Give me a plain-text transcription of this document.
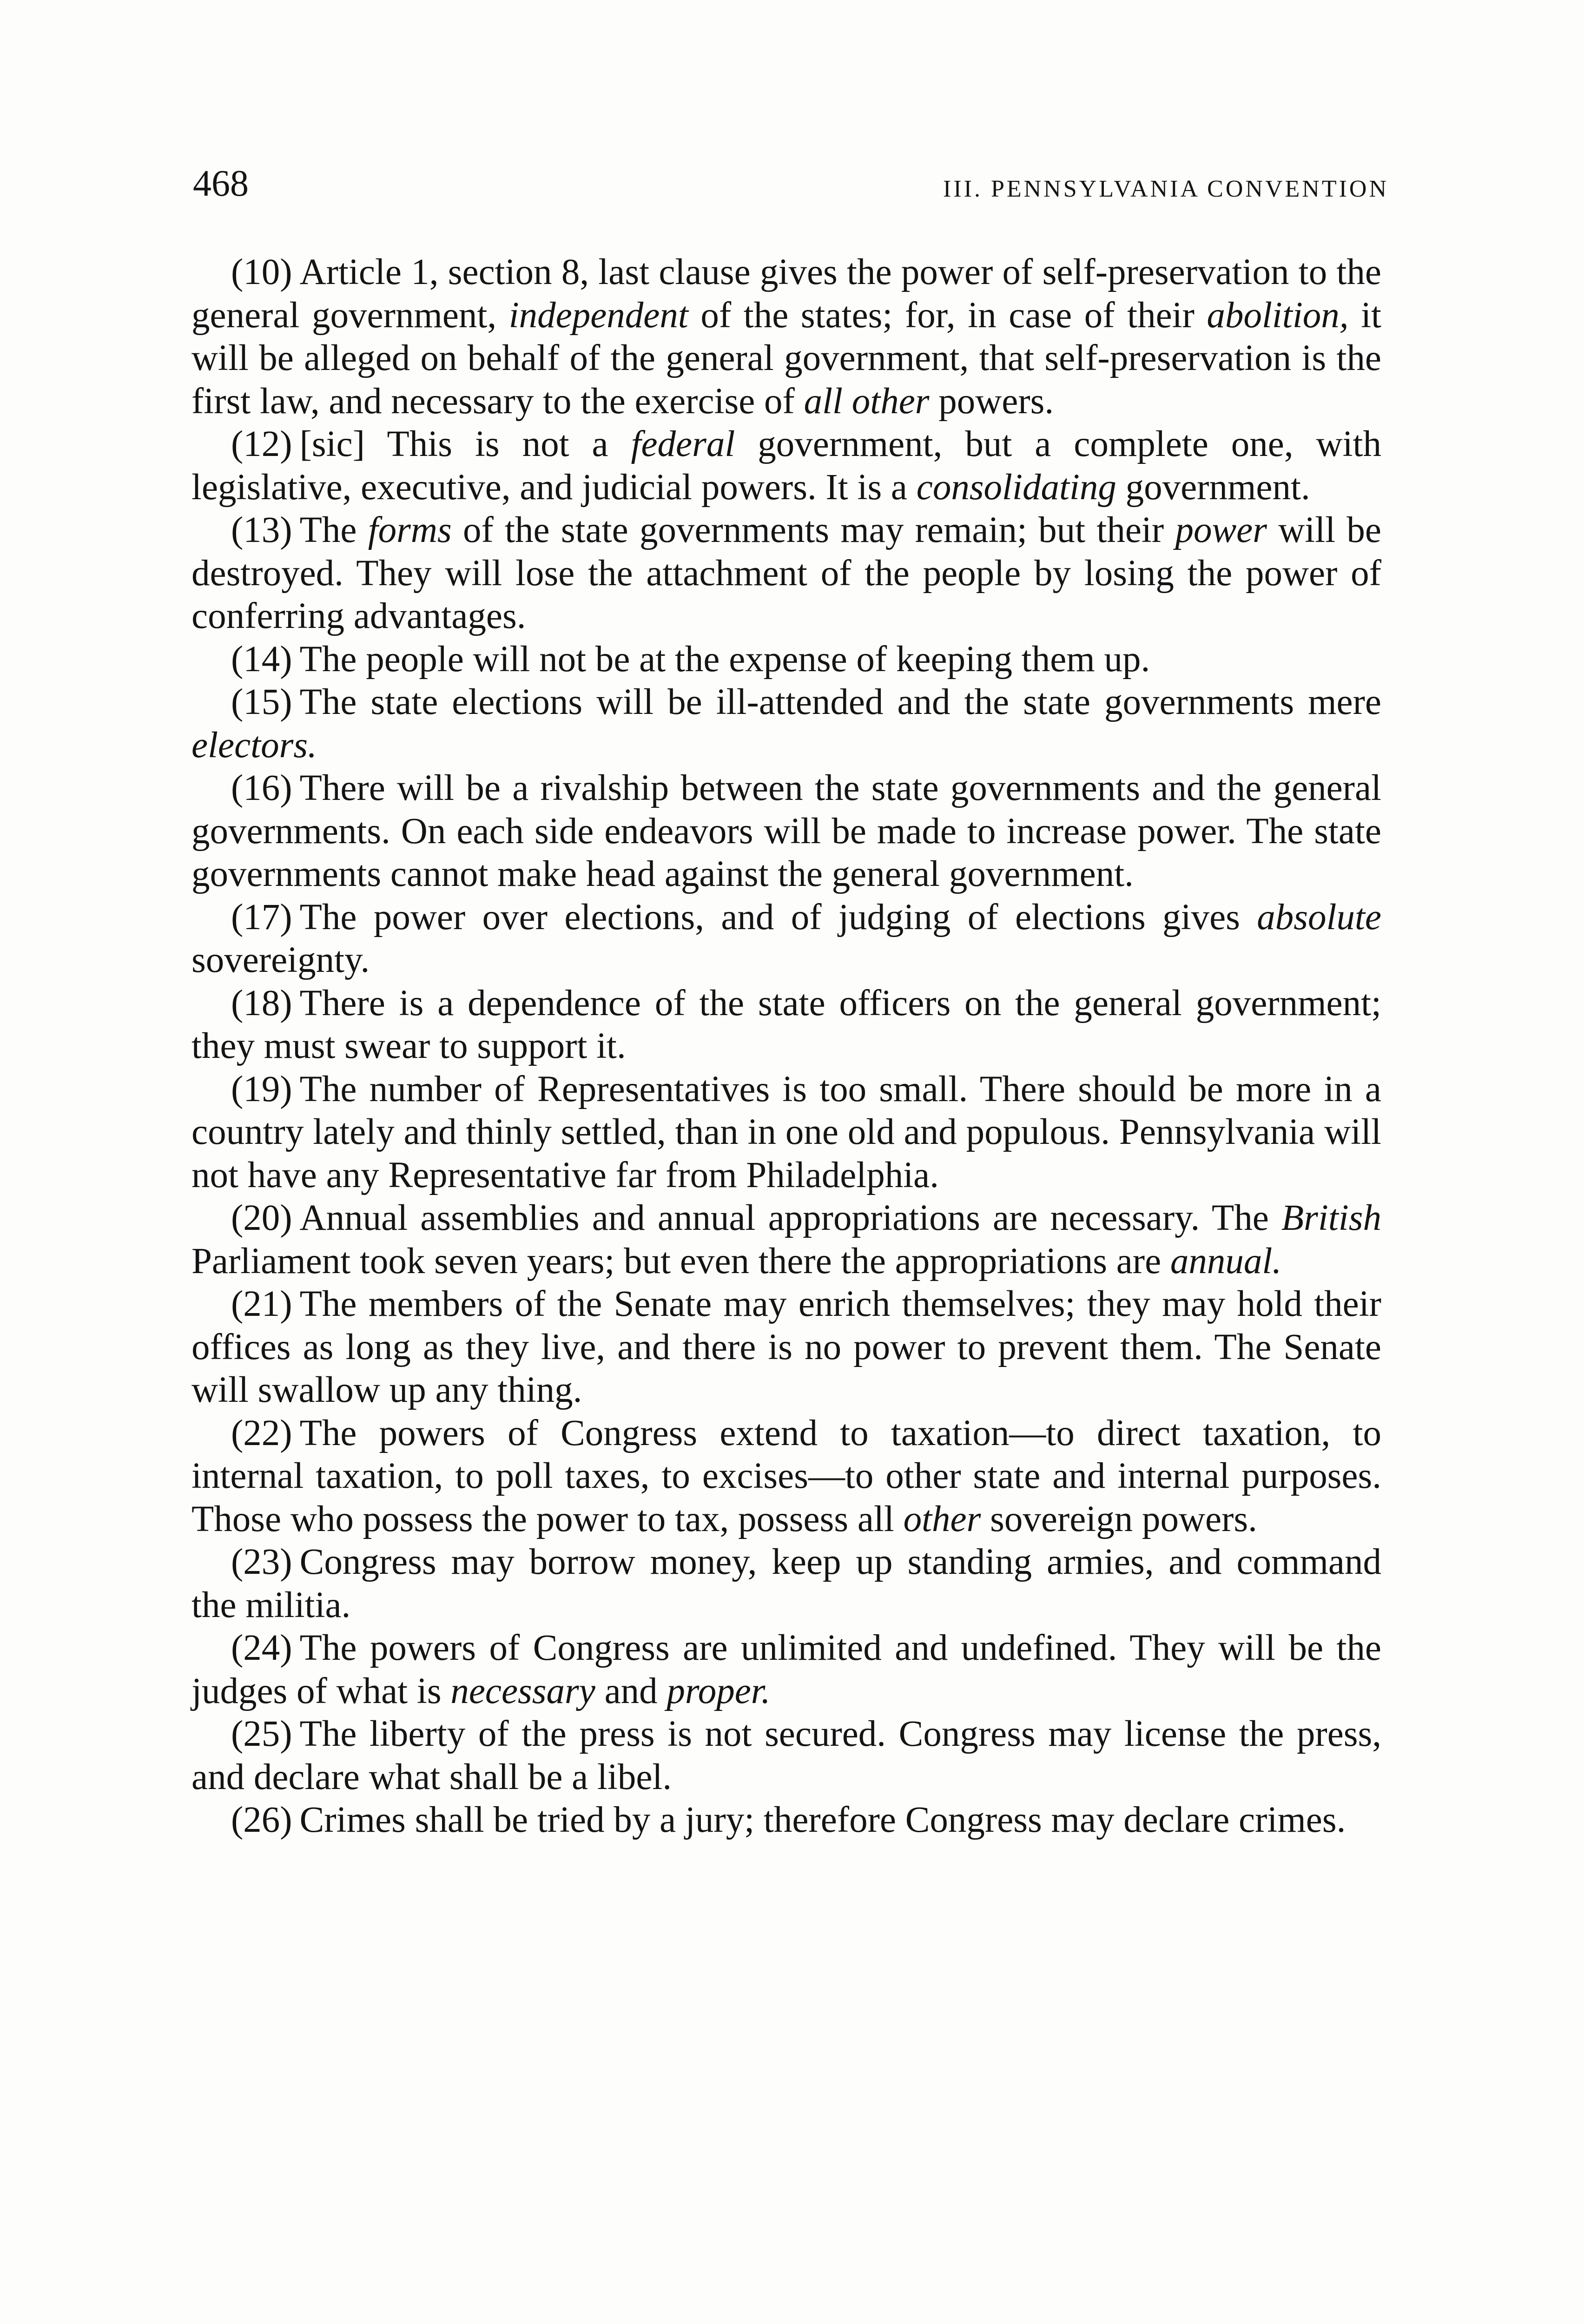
468	III. PENNSYLVANIA CONVENTION

(10) Article 1, section 8, last clause gives the power of self-preservation to the general government, independent of the states; for, in case of their abolition, it will be alleged on behalf of the general government, that self-preservation is the first law, and necessary to the exercise of all other powers.

(12) [sic] This is not a federal government, but a complete one, with legislative, executive, and judicial powers. It is a consolidating government.

(13) The forms of the state governments may remain; but their power will be destroyed. They will lose the attachment of the people by losing the power of conferring advantages.

(14) The people will not be at the expense of keeping them up.

(15) The state elections will be ill-attended and the state governments mere electors.

(16) There will be a rivalship between the state governments and the general governments. On each side endeavors will be made to increase power. The state governments cannot make head against the general government.

(17) The power over elections, and of judging of elections gives absolute sovereignty.

(18) There is a dependence of the state officers on the general government; they must swear to support it.

(19) The number of Representatives is too small. There should be more in a country lately and thinly settled, than in one old and populous. Pennsylvania will not have any Representative far from Philadelphia.

(20) Annual assemblies and annual appropriations are necessary. The British Parliament took seven years; but even there the appropriations are annual.

(21) The members of the Senate may enrich themselves; they may hold their offices as long as they live, and there is no power to prevent them. The Senate will swallow up any thing.

(22) The powers of Congress extend to taxation—to direct taxation, to internal taxation, to poll taxes, to excises—to other state and internal purposes. Those who possess the power to tax, possess all other sovereign powers.

(23) Congress may borrow money, keep up standing armies, and command the militia.

(24) The powers of Congress are unlimited and undefined. They will be the judges of what is necessary and proper.

(25) The liberty of the press is not secured. Congress may license the press, and declare what shall be a libel.

(26) Crimes shall be tried by a jury; therefore Congress may declare crimes.
